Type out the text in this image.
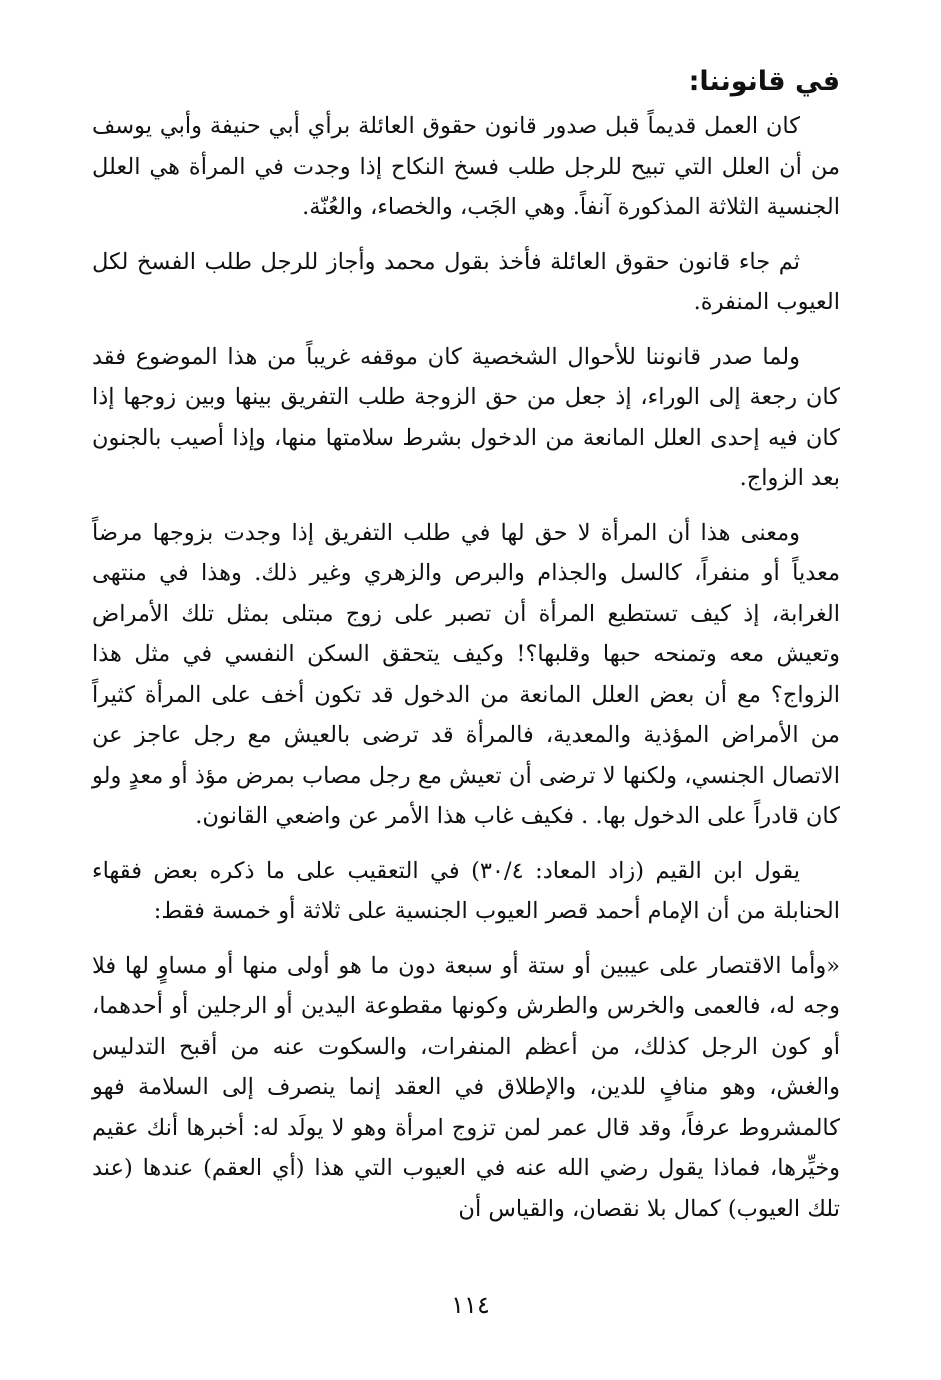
في قانوننا:

كان العمل قديماً قبل صدور قانون حقوق العائلة برأي أبي حنيفة وأبي يوسف من أن العلل التي تبيح للرجل طلب فسخ النكاح إذا وجدت في المرأة هي العلل الجنسية الثلاثة المذكورة آنفاً. وهي الجَب، والخصاء، والعُنّة.

ثم جاء قانون حقوق العائلة فأخذ بقول محمد وأجاز للرجل طلب الفسخ لكل العيوب المنفرة.

ولما صدر قانوننا للأحوال الشخصية كان موقفه غريباً من هذا الموضوع فقد كان رجعة إلى الوراء، إذ جعل من حق الزوجة طلب التفريق بينها وبين زوجها إذا كان فيه إحدى العلل المانعة من الدخول بشرط سلامتها منها، وإذا أصيب بالجنون بعد الزواج.

ومعنى هذا أن المرأة لا حق لها في طلب التفريق إذا وجدت بزوجها مرضاً معدياً أو منفراً، كالسل والجذام والبرص والزهري وغير ذلك. وهذا في منتهى الغرابة، إذ كيف تستطيع المرأة أن تصبر على زوج مبتلى بمثل تلك الأمراض وتعيش معه وتمنحه حبها وقلبها؟! وكيف يتحقق السكن النفسي في مثل هذا الزواج؟ مع أن بعض العلل المانعة من الدخول قد تكون أخف على المرأة كثيراً من الأمراض المؤذية والمعدية، فالمرأة قد ترضى بالعيش مع رجل عاجز عن الاتصال الجنسي، ولكنها لا ترضى أن تعيش مع رجل مصاب بمرض مؤذ أو معدٍ ولو كان قادراً على الدخول بها. . فكيف غاب هذا الأمر عن واضعي القانون.

يقول ابن القيم (زاد المعاد: ٣٠/٤) في التعقيب على ما ذكره بعض فقهاء الحنابلة من أن الإمام أحمد قصر العيوب الجنسية على ثلاثة أو خمسة فقط:

«وأما الاقتصار على عيبين أو ستة أو سبعة دون ما هو أولى منها أو مساوٍ لها فلا وجه له، فالعمى والخرس والطرش وكونها مقطوعة اليدين أو الرجلين أو أحدهما، أو كون الرجل كذلك، من أعظم المنفرات، والسكوت عنه من أقبح التدليس والغش، وهو منافٍ للدين، والإطلاق في العقد إنما ينصرف إلى السلامة فهو كالمشروط عرفاً، وقد قال عمر لمن تزوج امرأة وهو لا يولَد له: أخبرها أنك عقيم وخيِّرها، فماذا يقول رضي الله عنه في العيوب التي هذا (أي العقم) عندها (عند تلك العيوب) كمال بلا نقصان، والقياس أن

١١٤
